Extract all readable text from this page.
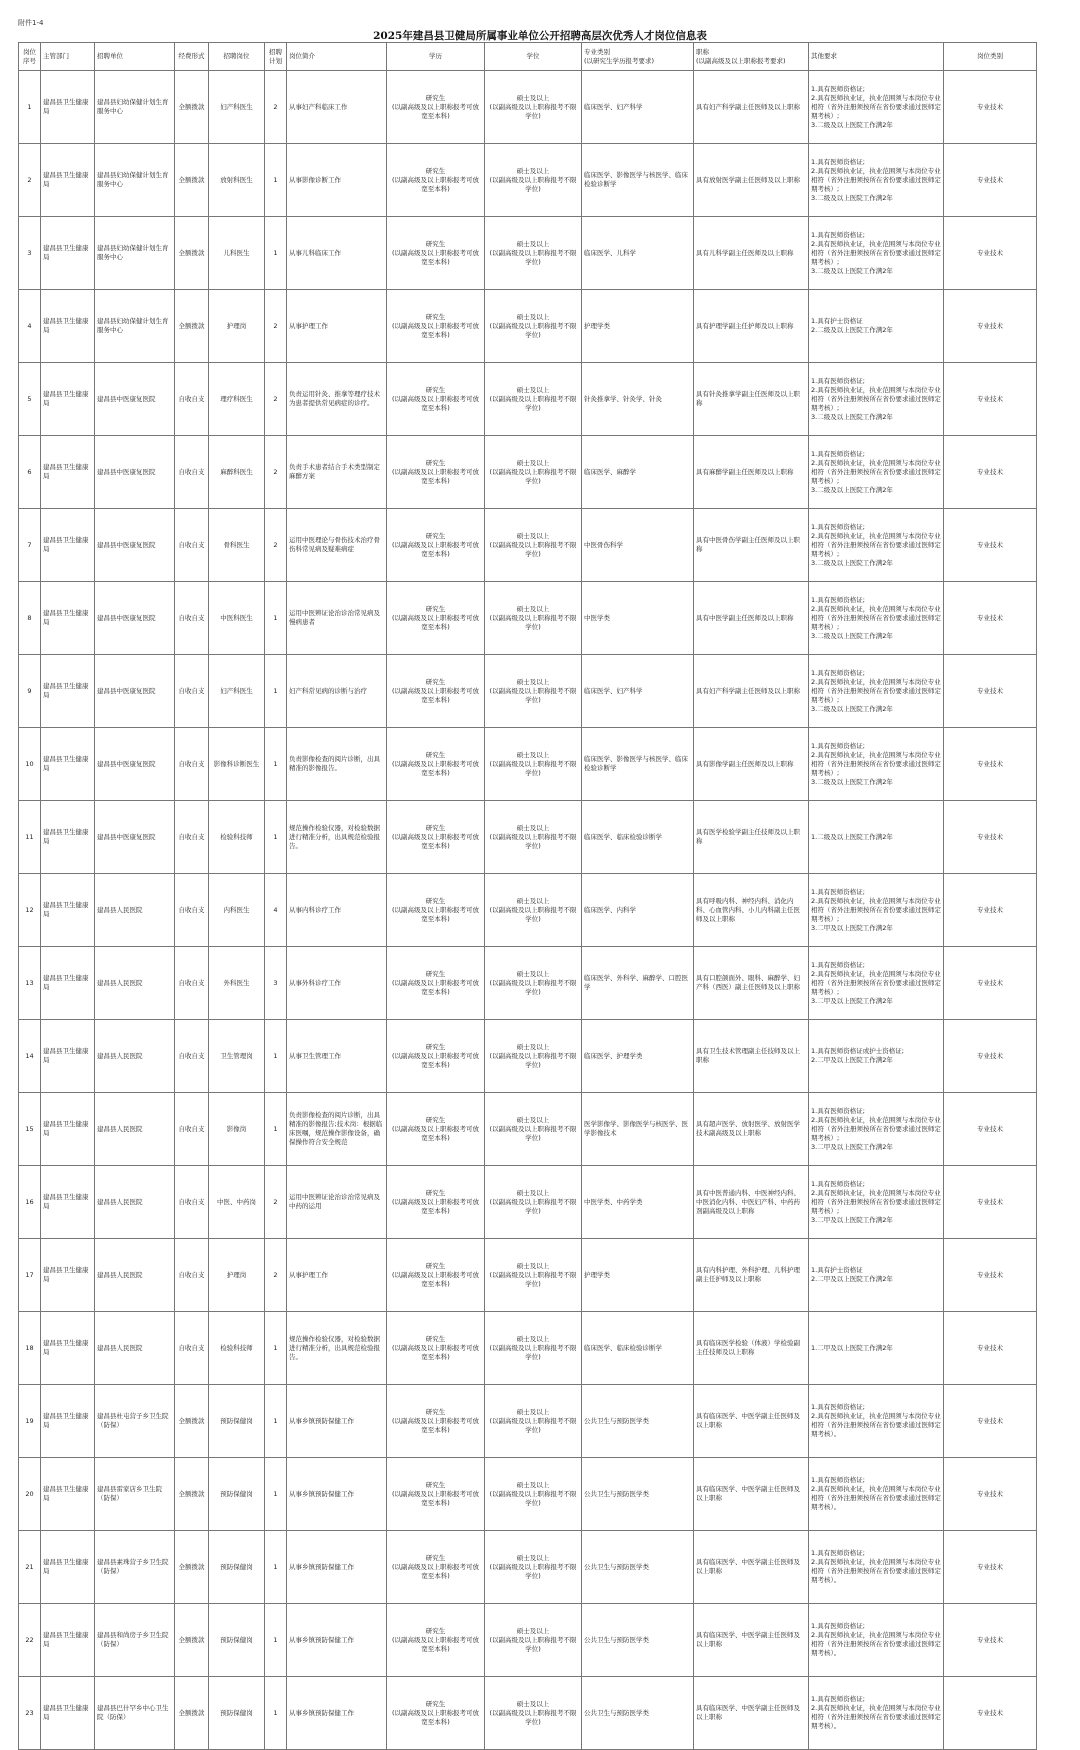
附件1-4
2025年建昌县卫健局所属事业单位公开招聘高层次优秀人才岗位信息表
岗位序号	主管部门	招聘单位	经费形式	招聘岗位	招聘计划	岗位简介	学历	学位	专业类别
(以研究生学历报考要求)	职称
(以副高级及以上职称报考要求)	其他要求	岗位类别
1	建昌县卫生健康局	建昌县妇幼保健计划生育服务中心	全额拨款	妇产科医生	2	从事妇产科临床工作	研究生
(以副高级及以上职称报考可放宽至本科)	硕士及以上
(以副高级及以上职称报考不限学位)	临床医学、妇产科学	具有妇产科学副主任医师及以上职称	1.具有医师资格证;
2.具有医师执业证，执业范围须与本岗位专业相符（省外注册须按所在省份要求通过医师定期考核）;
3.二级及以上医院工作满2年	专业技术
2	建昌县卫生健康局	建昌县妇幼保健计划生育服务中心	全额拨款	放射科医生	1	从事影像诊断工作	研究生
(以副高级及以上职称报考可放宽至本科)	硕士及以上
(以副高级及以上职称报考不限学位)	临床医学、影像医学与核医学、临床检验诊断学	具有放射医学副主任医师及以上职称	1.具有医师资格证;
2.具有医师执业证，执业范围须与本岗位专业相符（省外注册须按所在省份要求通过医师定期考核）;
3.二级及以上医院工作满2年	专业技术
3	建昌县卫生健康局	建昌县妇幼保健计划生育服务中心	全额拨款	儿科医生	1	从事儿科临床工作	研究生
(以副高级及以上职称报考可放宽至本科)	硕士及以上
(以副高级及以上职称报考不限学位)	临床医学、儿科学	具有儿科学副主任医师及以上职称	1.具有医师资格证;
2.具有医师执业证，执业范围须与本岗位专业相符（省外注册须按所在省份要求通过医师定期考核）;
3.二级及以上医院工作满2年	专业技术
4	建昌县卫生健康局	建昌县妇幼保健计划生育服务中心	全额拨款	护理岗	2	从事护理工作	研究生
(以副高级及以上职称报考可放宽至本科)	硕士及以上
(以副高级及以上职称报考不限学位)	护理学类	具有护理学副主任护师及以上职称	1.具有护士资格证
2.二级及以上医院工作满2年	专业技术
5	建昌县卫生健康局	建昌县中医康复医院	自收自支	理疗科医生	2	负责运用针灸、推拿等理疗技术为患者提供常见病症的诊疗。	研究生
(以副高级及以上职称报考可放宽至本科)	硕士及以上
(以副高级及以上职称报考不限学位)	针灸推拿学、针灸学、针灸	具有针灸推拿学副主任医师及以上职称	1.具有医师资格证;
2.具有医师执业证，执业范围须与本岗位专业相符（省外注册须按所在省份要求通过医师定期考核）;
3.二级及以上医院工作满2年	专业技术
6	建昌县卫生健康局	建昌县中医康复医院	自收自支	麻醉科医生	2	负责手术患者结合手术类型制定麻醉方案	研究生
(以副高级及以上职称报考可放宽至本科)	硕士及以上
(以副高级及以上职称报考不限学位)	临床医学、麻醉学	具有麻醉学副主任医师及以上职称	1.具有医师资格证;
2.具有医师执业证，执业范围须与本岗位专业相符（省外注册须按所在省份要求通过医师定期考核）;
3.二级及以上医院工作满2年	专业技术
7	建昌县卫生健康局	建昌县中医康复医院	自收自支	骨科医生	2	运用中医理论与骨伤技术治疗骨伤科常见病及疑难病症	研究生
(以副高级及以上职称报考可放宽至本科)	硕士及以上
(以副高级及以上职称报考不限学位)	中医骨伤科学	具有中医骨伤学副主任医师及以上职称	1.具有医师资格证;
2.具有医师执业证，执业范围须与本岗位专业相符（省外注册须按所在省份要求通过医师定期考核）;
3.二级及以上医院工作满2年	专业技术
8	建昌县卫生健康局	建昌县中医康复医院	自收自支	中医科医生	1	运用中医辨证论治诊治常见病及慢病患者	研究生
(以副高级及以上职称报考可放宽至本科)	硕士及以上
(以副高级及以上职称报考不限学位)	中医学类	具有中医学副主任医师及以上职称	1.具有医师资格证;
2.具有医师执业证，执业范围须与本岗位专业相符（省外注册须按所在省份要求通过医师定期考核）;
3.二级及以上医院工作满2年	专业技术
9	建昌县卫生健康局	建昌县中医康复医院	自收自支	妇产科医生	1	妇产科常见病的诊断与治疗	研究生
(以副高级及以上职称报考可放宽至本科)	硕士及以上
(以副高级及以上职称报考不限学位)	临床医学、妇产科学	具有妇产科学副主任医师及以上职称	1.具有医师资格证;
2.具有医师执业证，执业范围须与本岗位专业相符（省外注册须按所在省份要求通过医师定期考核）;
3.二级及以上医院工作满2年	专业技术
10	建昌县卫生健康局	建昌县中医康复医院	自收自支	影像科诊断医生	1	负责影像检查的阅片诊断，出具精准的影像报告。	研究生
(以副高级及以上职称报考可放宽至本科)	硕士及以上
(以副高级及以上职称报考不限学位)	临床医学、影像医学与核医学、临床检验诊断学	具有影像学副主任医师及以上职称	1.具有医师资格证;
2.具有医师执业证，执业范围须与本岗位专业相符（省外注册须按所在省份要求通过医师定期考核）;
3.二级及以上医院工作满2年	专业技术
11	建昌县卫生健康局	建昌县中医康复医院	自收自支	检验科技师	1	规范操作检验仪器，对检验数据进行精准分析，出具规范检验报告。	研究生
(以副高级及以上职称报考可放宽至本科)	硕士及以上
(以副高级及以上职称报考不限学位)	临床医学、临床检验诊断学	具有医学检验学副主任技师及以上职称	1.二级及以上医院工作满2年	专业技术
12	建昌县卫生健康局	建昌县人民医院	自收自支	内科医生	4	从事内科诊疗工作	研究生
(以副高级及以上职称报考可放宽至本科)	硕士及以上
(以副高级及以上职称报考不限学位)	临床医学、内科学	具有呼吸内科、神经内科、消化内科、心血管内科、小儿内科副主任医师及以上职称	1.具有医师资格证;
2.具有医师执业证，执业范围须与本岗位专业相符（省外注册须按所在省份要求通过医师定期考核）;
3.二甲及以上医院工作满2年	专业技术
13	建昌县卫生健康局	建昌县人民医院	自收自支	外科医生	3	从事外科诊疗工作	研究生
(以副高级及以上职称报考可放宽至本科)	硕士及以上
(以副高级及以上职称报考不限学位)	临床医学、外科学、麻醉学、口腔医学	具有口腔颌面外、眼科、麻醉学、妇产科（西医）副主任医师及以上职称	1.具有医师资格证;
2.具有医师执业证，执业范围须与本岗位专业相符（省外注册须按所在省份要求通过医师定期考核）;
3.二甲及以上医院工作满2年	专业技术
14	建昌县卫生健康局	建昌县人民医院	自收自支	卫生管理岗	1	从事卫生管理工作	研究生
(以副高级及以上职称报考可放宽至本科)	硕士及以上
(以副高级及以上职称报考不限学位)	临床医学、护理学类	具有卫生技术管理副主任技师及以上职称	1.具有医师资格证或护士资格证;
2.二甲及以上医院工作满2年	专业技术
15	建昌县卫生健康局	建昌县人民医院	自收自支	影像岗	1	负责影像检查的阅片诊断，出具精准的影像报告;技术岗：根据临床医嘱，规范操作影像设备，确保操作符合安全规范	研究生
(以副高级及以上职称报考可放宽至本科)	硕士及以上
(以副高级及以上职称报考不限学位)	医学影像学、影像医学与核医学、医学影像技术	具有超声医学、放射医学、放射医学技术副高级及以上职称	1.具有医师资格证;
2.具有医师执业证，执业范围须与本岗位专业相符（省外注册须按所在省份要求通过医师定期考核）;
3.二甲及以上医院工作满2年	专业技术
16	建昌县卫生健康局	建昌县人民医院	自收自支	中医、中药岗	2	运用中医辨证论治诊治常见病及中药的运用	研究生
(以副高级及以上职称报考可放宽至本科)	硕士及以上
(以副高级及以上职称报考不限学位)	中医学类、中药学类	具有中医普通内科、中医神经内科、中医消化内科、中医妇产科、中药药剂副高级及以上职称	1.具有医师资格证;
2.具有医师执业证，执业范围须与本岗位专业相符（省外注册须按所在省份要求通过医师定期考核）;
3.二甲及以上医院工作满2年	专业技术
17	建昌县卫生健康局	建昌县人民医院	自收自支	护理岗	2	从事护理工作	研究生
(以副高级及以上职称报考可放宽至本科)	硕士及以上
(以副高级及以上职称报考不限学位)	护理学类	具有内科护理、外科护理、儿科护理副主任护师及以上职称	1.具有护士资格证
2.二甲及以上医院工作满2年	专业技术
18	建昌县卫生健康局	建昌县人民医院	自收自支	检验科技师	1	规范操作检验仪器，对检验数据进行精准分析，出具规范检验报告。	研究生
(以副高级及以上职称报考可放宽至本科)	硕士及以上
(以副高级及以上职称报考不限学位)	临床医学、临床检验诊断学	具有临床医学检验（体液）学检验副主任技师及以上职称	1.二甲及以上医院工作满2年	专业技术
19	建昌县卫生健康局	建昌县杜屯营子乡卫生院（防保）	全额拨款	预防保健岗	1	从事乡镇预防保健工作	研究生
(以副高级及以上职称报考可放宽至本科)	硕士及以上
(以副高级及以上职称报考不限学位)	公共卫生与预防医学类	具有临床医学、中医学副主任医师及以上职称	1.具有医师资格证;
2.具有医师执业证，执业范围须与本岗位专业相符（省外注册须按所在省份要求通过医师定期考核）。	专业技术
20	建昌县卫生健康局	建昌县雷家店乡卫生院（防保）	全额拨款	预防保健岗	1	从事乡镇预防保健工作	研究生
(以副高级及以上职称报考可放宽至本科)	硕士及以上
(以副高级及以上职称报考不限学位)	公共卫生与预防医学类	具有临床医学、中医学副主任医师及以上职称	1.具有医师资格证;
2.具有医师执业证，执业范围须与本岗位专业相符（省外注册须按所在省份要求通过医师定期考核）。	专业技术
21	建昌县卫生健康局	建昌县素珠营子乡卫生院（防保）	全额拨款	预防保健岗	1	从事乡镇预防保健工作	研究生
(以副高级及以上职称报考可放宽至本科)	硕士及以上
(以副高级及以上职称报考不限学位)	公共卫生与预防医学类	具有临床医学、中医学副主任医师及以上职称	1.具有医师资格证;
2.具有医师执业证，执业范围须与本岗位专业相符（省外注册须按所在省份要求通过医师定期考核）。	专业技术
22	建昌县卫生健康局	建昌县和尚房子乡卫生院（防保）	全额拨款	预防保健岗	1	从事乡镇预防保健工作	研究生
(以副高级及以上职称报考可放宽至本科)	硕士及以上
(以副高级及以上职称报考不限学位)	公共卫生与预防医学类	具有临床医学、中医学副主任医师及以上职称	1.具有医师资格证;
2.具有医师执业证，执业范围须与本岗位专业相符（省外注册须按所在省份要求通过医师定期考核）。	专业技术
23	建昌县卫生健康局	建昌县巴什罕乡中心卫生院（防保）	全额拨款	预防保健岗	1	从事乡镇预防保健工作	研究生
(以副高级及以上职称报考可放宽至本科)	硕士及以上
(以副高级及以上职称报考不限学位)	公共卫生与预防医学类	具有临床医学、中医学副主任医师及以上职称	1.具有医师资格证;
2.具有医师执业证，执业范围须与本岗位专业相符（省外注册须按所在省份要求通过医师定期考核）。	专业技术
